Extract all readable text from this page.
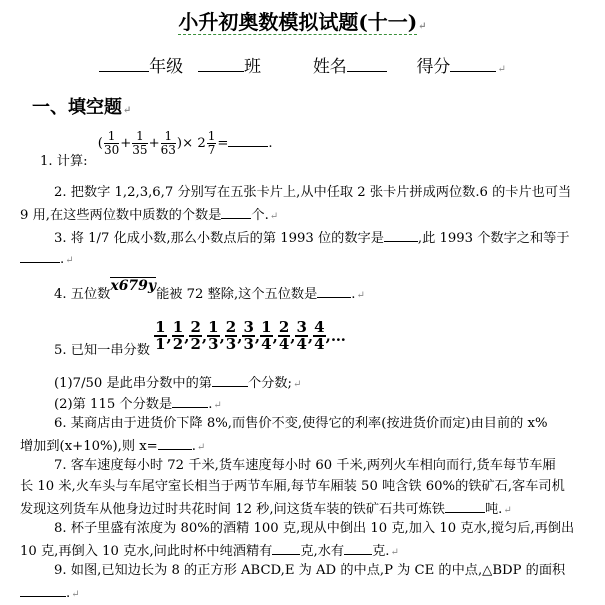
小升初奥数模拟试题(十一)↵
年级	班	姓名	得分	↵
一、填空题↵
1. 计算: ( $\frac{1}{30} + \frac{1}{35} + \frac{1}{63}$ )× $2 \frac{1}{7}$ =	.
2. 把数字 1,2,3,6,7 分别写在五张卡片上,从中任取 2 张卡片拼成两位数.6 的卡片也可当
9 用,在这些两位数中质数的个数是 个.↵
3. 将 1/7 化成小数,那么小数点后的第 1993 位的数字是	,此 1993 个数字之和等于
.↵
4. 五位数x679y能被 72 整除,这个五位数是	.↵
5. 已知一串分数 $\frac{1}{1}$ , $\frac{1}{2}$ , $\frac{2}{2}$ , $\frac{1}{3}$ , $\frac{2}{3}$ , $\frac{3}{3}$ , $\frac{1}{4}$ , $\frac{2}{4}$ , $\frac{3}{4}$ , $\frac{4}{4}$ ,…
(1)7/50 是此串分数中的第	个分数;↵
(2)第 115 个分数是	.↵
6. 某商店由于进货价下降 8%,而售价不变,使得它的利率(按进货价而定)由目前的 x%
增加到(x+10%),则 x=	.↵
7. 客车速度每小时 72 千米,货车速度每小时 60 千米,两列火车相向而行,货车每节车厢
长 10 米,火车头与车尾守室长相当于两节车厢,每节车厢装 50 吨含铁 60%的铁矿石,客车司机
发现这列货车从他身边过时共花时间 12 秒,问这货车装的铁矿石共可炼铁	吨.↵
8. 杯子里盛有浓度为 80%的酒精 100 克,现从中倒出 10 克,加入 10 克水,搅匀后,再倒出
10 克,再倒入 10 克水,问此时杯中纯酒精有 克,水有 克.↵
9. 如图,已知边长为 8 的正方形 ABCD,E 为 AD 的中点,P 为 CE 的中点,△BDP 的面积
.↵
